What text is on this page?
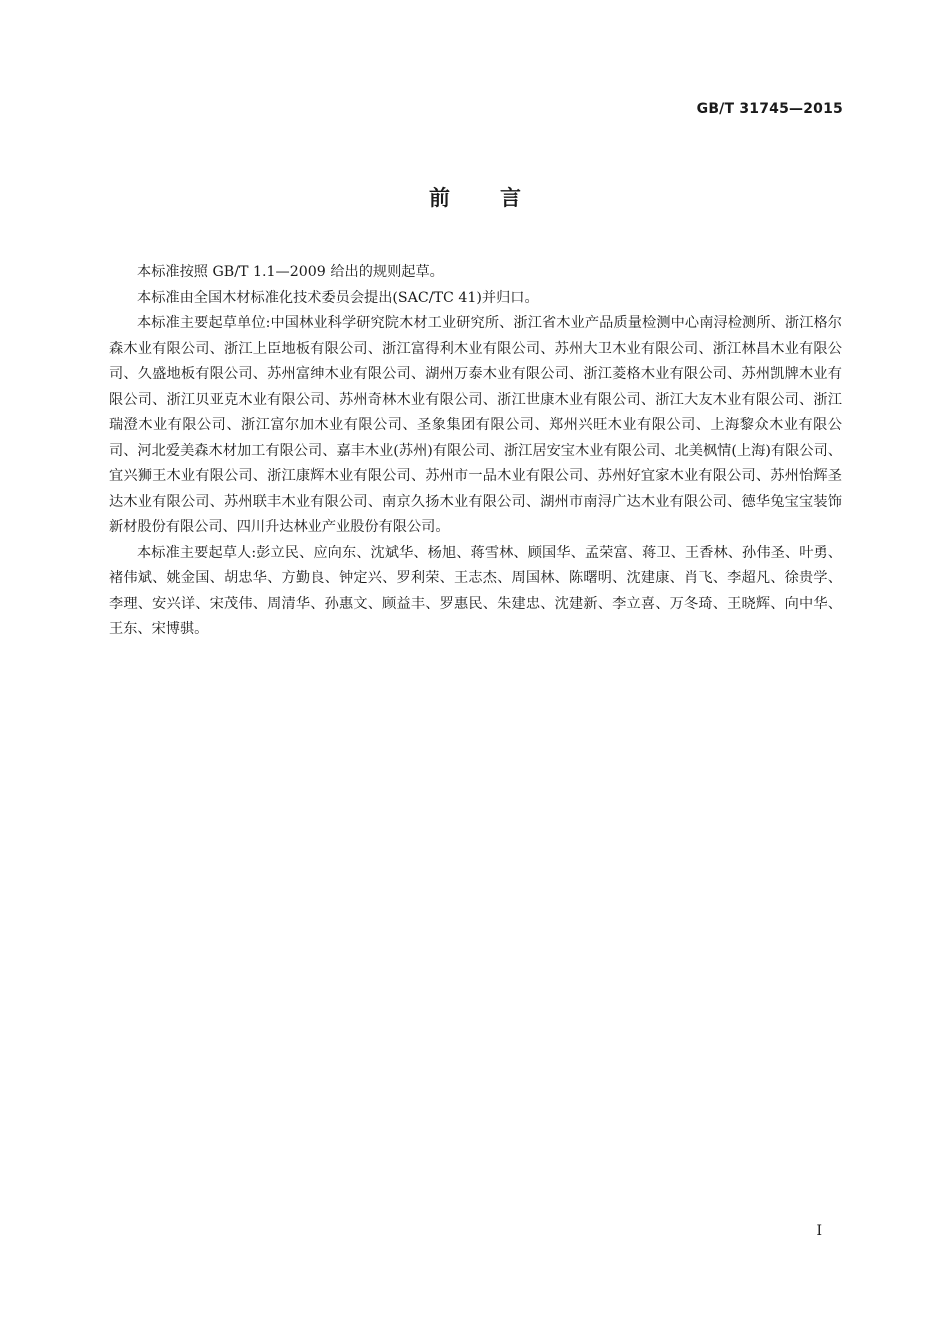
GB/T 31745—2015
前言

本标准按照 GB/T 1.1—2009 给出的规则起草。

本标准由全国木材标准化技术委员会提出(SAC/TC 41)并归口。

本标准主要起草单位:中国林业科学研究院木材工业研究所、浙江省木业产品质量检测中心南浔检测所、浙江格尔森木业有限公司、浙江上臣地板有限公司、浙江富得利木业有限公司、苏州大卫木业有限公司、浙江林昌木业有限公司、久盛地板有限公司、苏州富绅木业有限公司、湖州万泰木业有限公司、浙江菱格木业有限公司、苏州凯牌木业有限公司、浙江贝亚克木业有限公司、苏州奇林木业有限公司、浙江世康木业有限公司、浙江大友木业有限公司、浙江瑞澄木业有限公司、浙江富尔加木业有限公司、圣象集团有限公司、郑州兴旺木业有限公司、上海黎众木业有限公司、河北爱美森木材加工有限公司、嘉丰木业(苏州)有限公司、浙江居安宝木业有限公司、北美枫情(上海)有限公司、宜兴狮王木业有限公司、浙江康辉木业有限公司、苏州市一品木业有限公司、苏州好宜家木业有限公司、苏州怡辉圣达木业有限公司、苏州联丰木业有限公司、南京久扬木业有限公司、湖州市南浔广达木业有限公司、德华兔宝宝装饰新材股份有限公司、四川升达林业产业股份有限公司。

本标准主要起草人:彭立民、应向东、沈斌华、杨旭、蒋雪林、顾国华、孟荣富、蒋卫、王香林、孙伟圣、叶勇、褚伟斌、姚金国、胡忠华、方勤良、钟定兴、罗利荣、王志杰、周国林、陈曙明、沈建康、肖飞、李超凡、徐贵学、李理、安兴详、宋茂伟、周清华、孙惠文、顾益丰、罗惠民、朱建忠、沈建新、李立喜、万冬琦、王晓辉、向中华、王东、宋博骐。

I
